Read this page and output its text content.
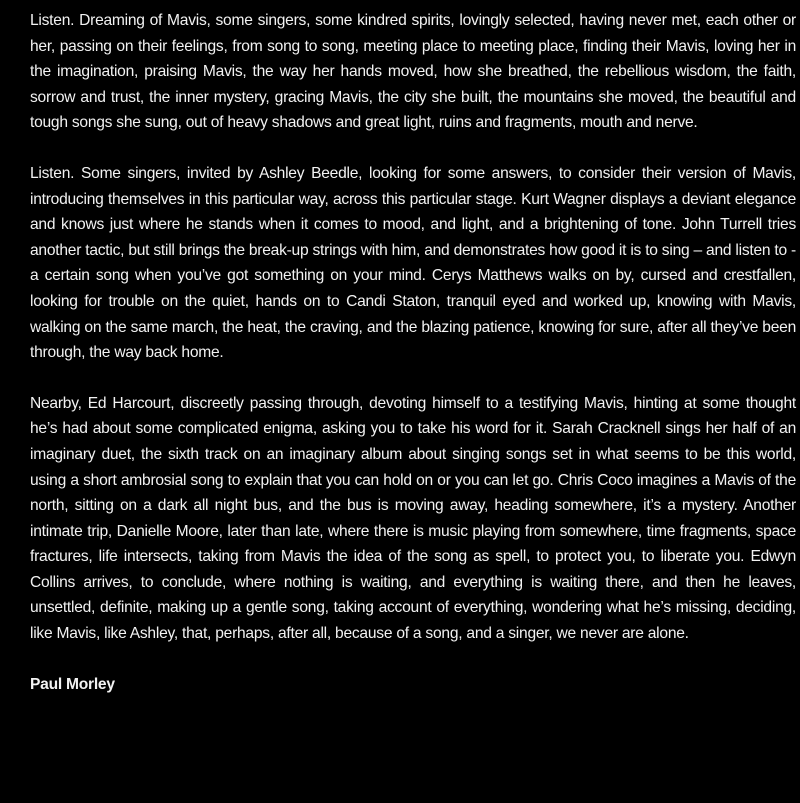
Listen. Dreaming of Mavis, some singers, some kindred spirits, lovingly selected, having never met, each other or her, passing on their feelings, from song to song, meeting place to meeting place, finding their Mavis, loving her in the imagination, praising Mavis, the way her hands moved, how she breathed, the rebellious wisdom, the faith, sorrow and trust, the inner mystery, gracing Mavis, the city she built, the mountains she moved, the beautiful and tough songs she sung, out of heavy shadows and great light, ruins and fragments, mouth and nerve.

Listen. Some singers, invited by Ashley Beedle, looking for some answers, to consider their version of Mavis, introducing themselves in this particular way, across this particular stage. Kurt Wagner displays a deviant elegance and knows just where he stands when it comes to mood, and light, and a brightening of tone. John Turrell tries another tactic, but still brings the break-up strings with him, and demonstrates how good it is to sing – and listen to - a certain song when you’ve got something on your mind. Cerys Matthews walks on by, cursed and crestfallen, looking for trouble on the quiet, hands on to Candi Staton, tranquil eyed and worked up, knowing with Mavis, walking on the same march, the heat, the craving, and the blazing patience, knowing for sure, after all they’ve been through, the way back home.

Nearby, Ed Harcourt, discreetly passing through, devoting himself to a testifying Mavis, hinting at some thought he’s had about some complicated enigma, asking you to take his word for it. Sarah Cracknell sings her half of an imaginary duet, the sixth track on an imaginary album about singing songs set in what seems to be this world, using a short ambrosial song to explain that you can hold on or you can let go. Chris Coco imagines a Mavis of the north, sitting on a dark all night bus, and the bus is moving away, heading somewhere, it’s a mystery. Another intimate trip, Danielle Moore, later than late, where there is music playing from somewhere, time fragments, space fractures, life intersects, taking from Mavis the idea of the song as spell, to protect you, to liberate you. Edwyn Collins arrives, to conclude, where nothing is waiting, and everything is waiting there, and then he leaves, unsettled, definite, making up a gentle song, taking account of everything, wondering what he’s missing, deciding, like Mavis, like Ashley, that, perhaps, after all, because of a song, and a singer, we never are alone.

Paul Morley
